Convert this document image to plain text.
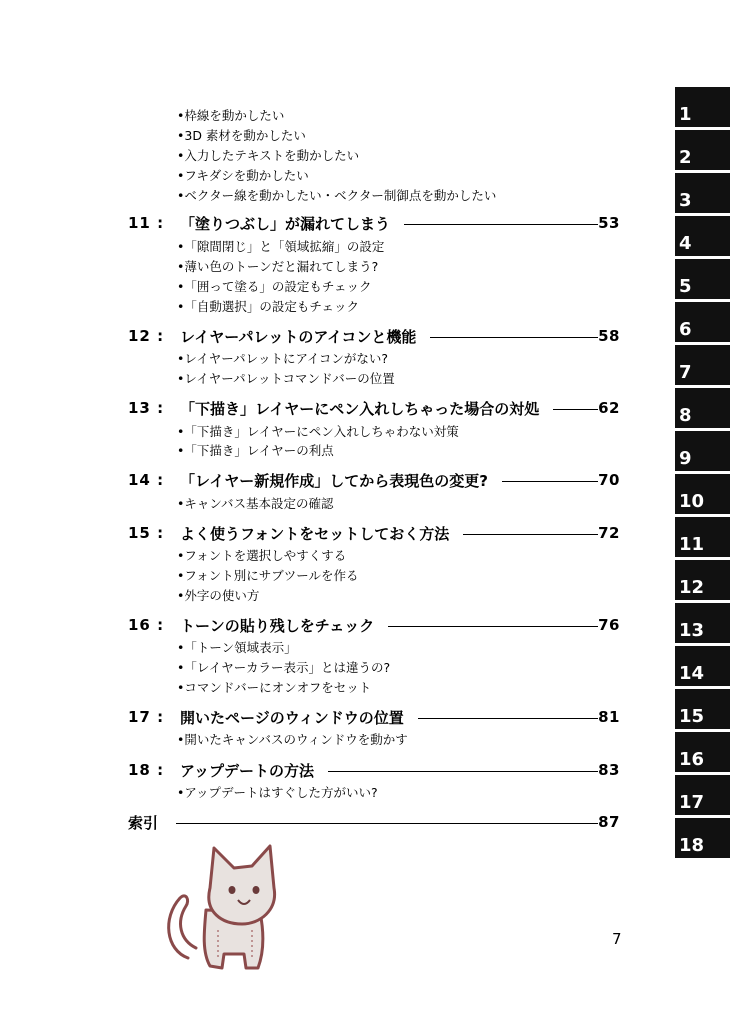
•枠線を動かしたい
•3D 素材を動かしたい
•入力したテキストを動かしたい
•フキダシを動かしたい
•ベクター線を動かしたい・ベクター制御点を動かしたい
11 :	「塗りつぶし」が漏れてしまう	53
•「隙間閉じ」と「領域拡縮」の設定
•薄い色のトーンだと漏れてしまう?
•「囲って塗る」の設定もチェック
•「自動選択」の設定もチェック
12 :	レイヤーパレットのアイコンと機能	58
•レイヤーパレットにアイコンがない?
•レイヤーパレットコマンドバーの位置
13 :	「下描き」レイヤーにペン入れしちゃった場合の対処	62
•「下描き」レイヤーにペン入れしちゃわない対策
•「下描き」レイヤーの利点
14 :	「レイヤー新規作成」してから表現色の変更?	70
•キャンバス基本設定の確認
15 :	よく使うフォントをセットしておく方法	72
•フォントを選択しやすくする
•フォント別にサブツールを作る
•外字の使い方
16 :	トーンの貼り残しをチェック	76
•「トーン領域表示」
•「レイヤーカラー表示」とは違うの?
•コマンドバーにオンオフをセット
17 :	開いたページのウィンドウの位置	81
•開いたキャンバスのウィンドウを動かす
18 :	アップデートの方法	83
•アップデートはすぐした方がいい?
索引	87
1
2
3
4
5
6
7
8
9
10
11
12
13
14
15
16
17
18
7
